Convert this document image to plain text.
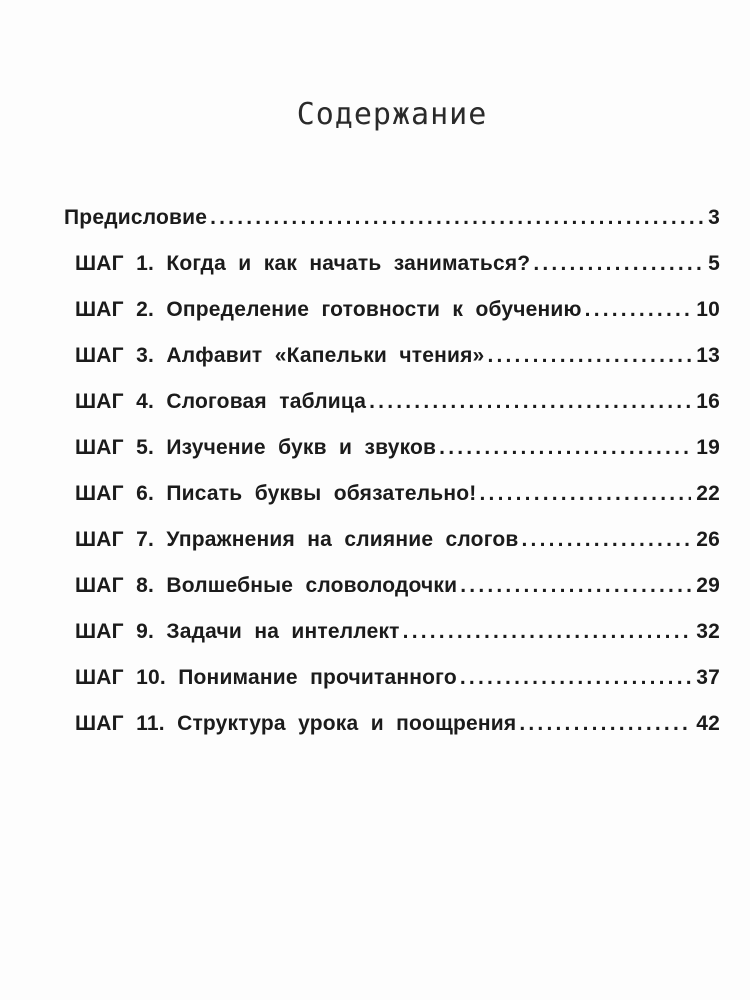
Содержание
Предисловие .....	3
ШАГ 1. Когда и как начать заниматься? .....	5
ШАГ 2. Определение готовности к обучению .....	10
ШАГ 3. Алфавит «Капельки чтения» .....	13
ШАГ 4. Слоговая таблица .....	16
ШАГ 5. Изучение букв и звуков .....	19
ШАГ 6. Писать буквы обязательно! .....	22
ШАГ 7. Упражнения на слияние слогов .....	26
ШАГ 8. Волшебные словолодочки .....	29
ШАГ 9. Задачи на интеллект .....	32
ШАГ 10. Понимание прочитанного .....	37
ШАГ 11. Структура урока и поощрения .....	42
